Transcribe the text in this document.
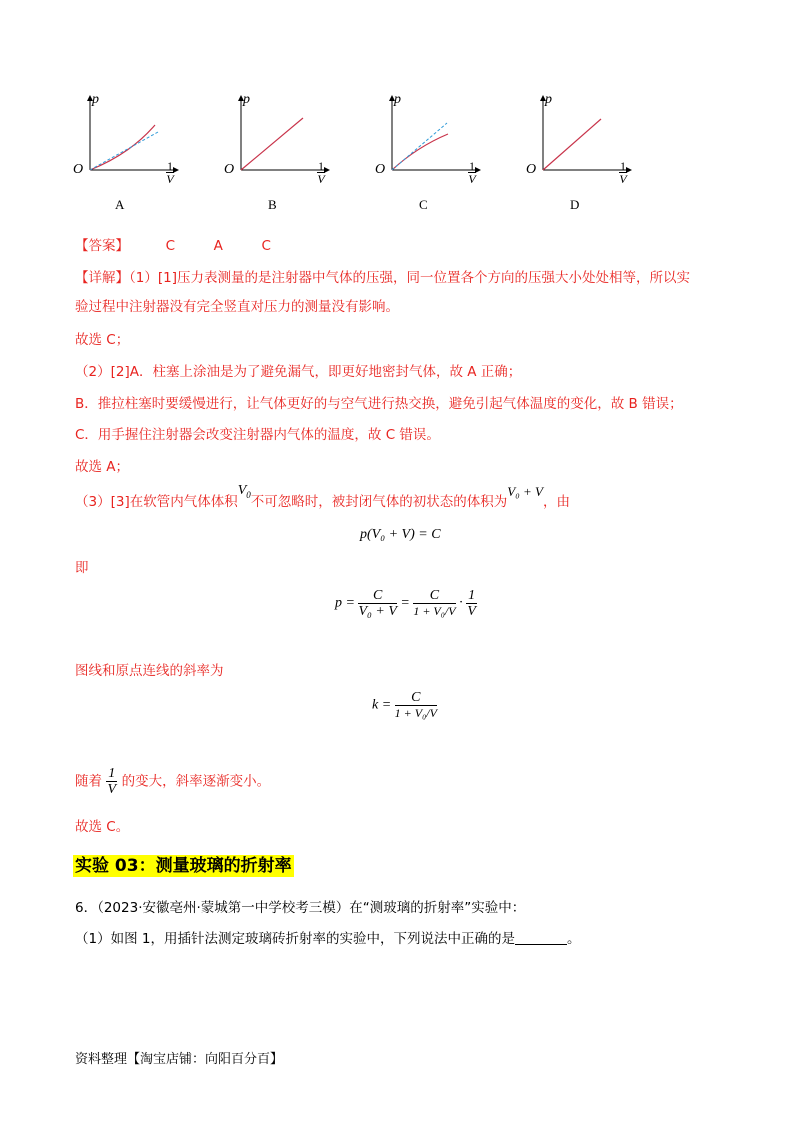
p
O	1
V
A
p
O	1
V
B
p
O	1
V
C
p
O	1
V
D
【答案】	C	A	C
【详解】（1）[1]压力表测量的是注射器中气体的压强，同一位置各个方向的压强大小处处相等，所以实
验过程中注射器没有完全竖直对压力的测量没有影响。
故选 C；
（2）[2]A．柱塞上涂油是为了避免漏气，即更好地密封气体，故 A 正确；
B．推拉柱塞时要缓慢进行，让气体更好的与空气进行热交换，避免引起气体温度的变化，故 B 错误；
C．用手握住注射器会改变注射器内气体的温度，故 C 错误。
故选 A；
（3）[3]在软管内气体体积$V_0$不可忽略时，被封闭气体的初状态的体积为V₀ + V，由
p(V₀ + V) = C
即
$p = \frac{C}{\text{V₀ + V}} = \frac{C}{\text{1 + V₀/V}} \cdot \frac{1}{V}$
图线和原点连线的斜率为
$k = \frac{C}{\text{1 + V₀/V}}$
随着 $\frac{1}{V}$ 的变大，斜率逐渐变小。
故选 C。
实验 03：测量玻璃的折射率
6．（2023·安徽亳州·蒙城第一中学校考三模）在“测玻璃的折射率”实验中：
（1）如图 1，用插针法测定玻璃砖折射率的实验中，下列说法中正确的是	。
资料整理【淘宝店铺：向阳百分百】
